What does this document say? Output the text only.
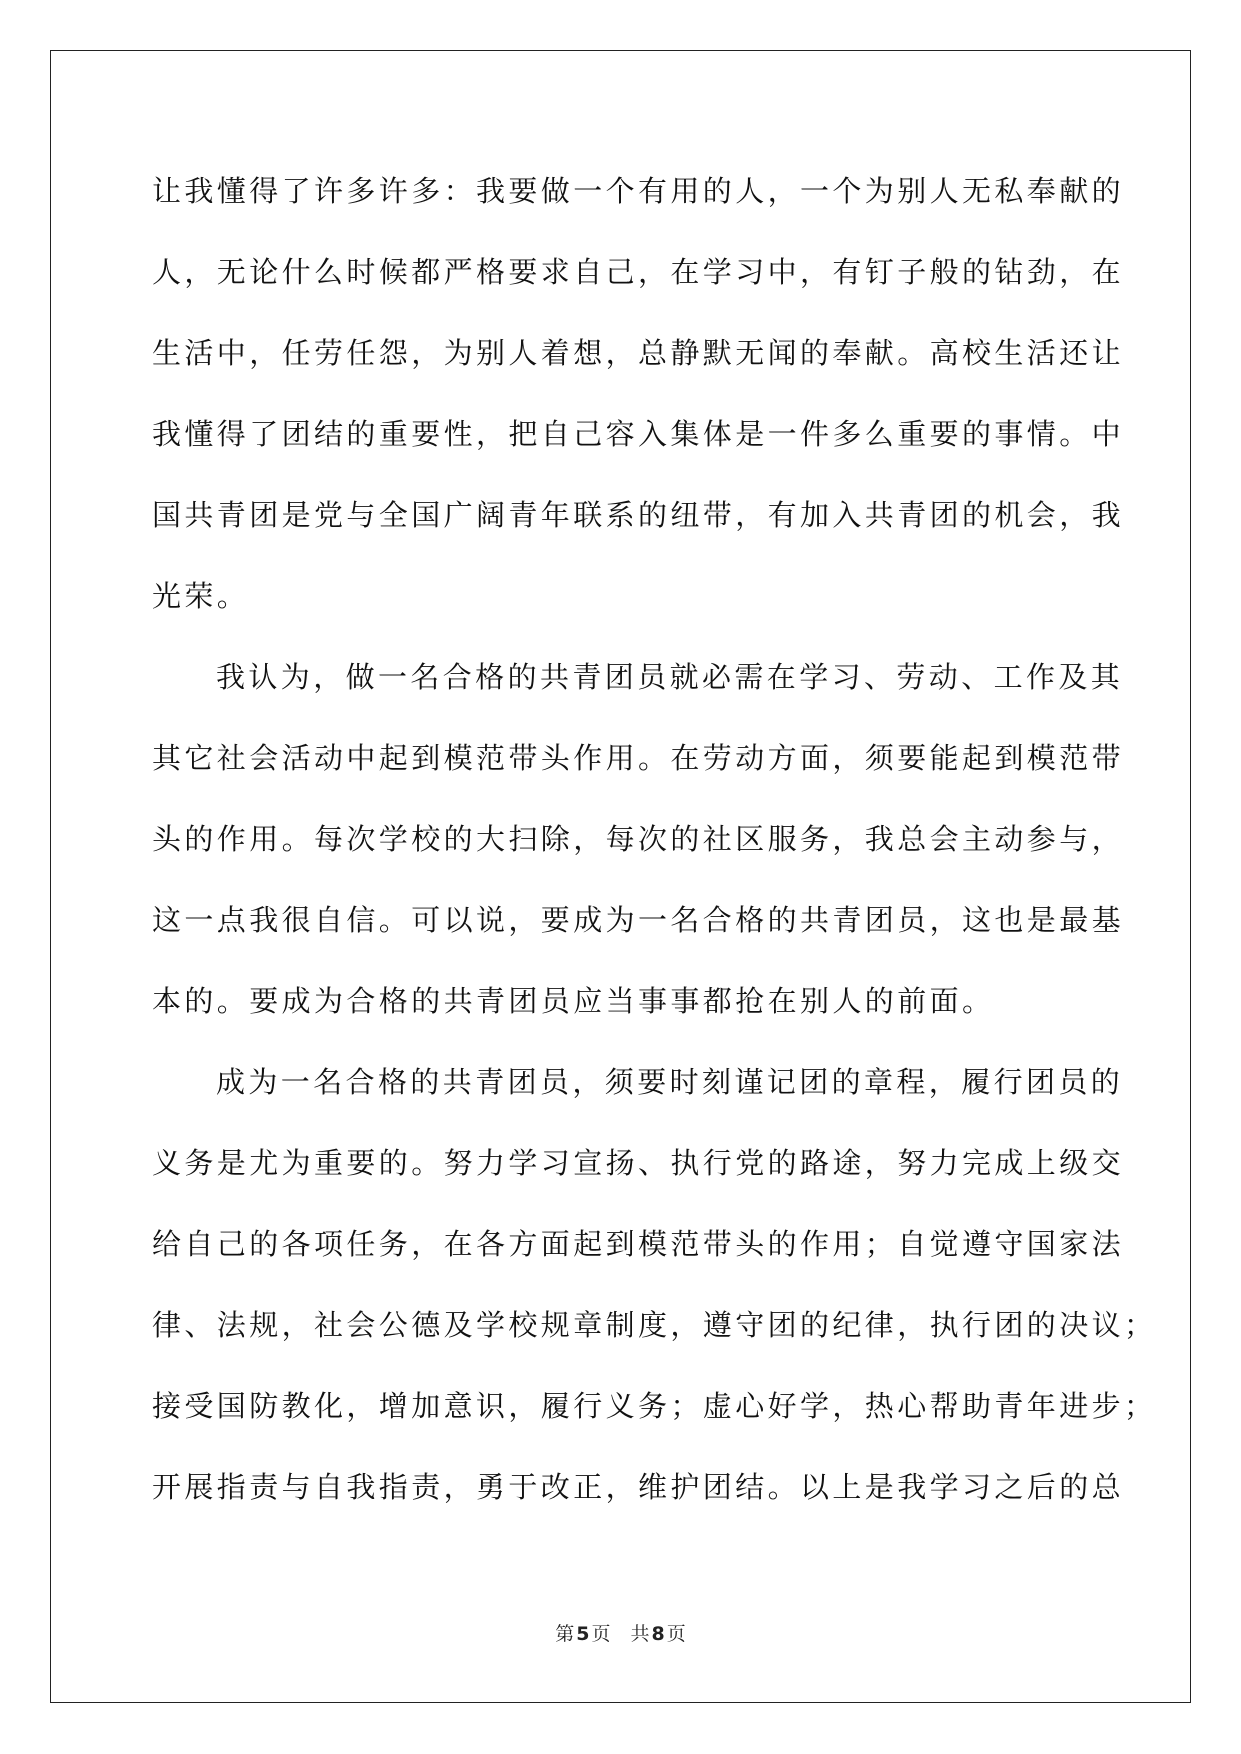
让我懂得了许多许多：我要做一个有用的人，一个为别人无私奉献的
人，无论什么时候都严格要求自己，在学习中，有钉子般的钻劲，在
生活中，任劳任怨，为别人着想，总静默无闻的奉献。高校生活还让
我懂得了团结的重要性，把自己容入集体是一件多么重要的事情。中
国共青团是党与全国广阔青年联系的纽带，有加入共青团的机会，我
光荣。
我认为，做一名合格的共青团员就必需在学习、劳动、工作及其
其它社会活动中起到模范带头作用。在劳动方面，须要能起到模范带
头的作用。每次学校的大扫除，每次的社区服务，我总会主动参与，
这一点我很自信。可以说，要成为一名合格的共青团员，这也是最基
本的。要成为合格的共青团员应当事事都抢在别人的前面。
成为一名合格的共青团员，须要时刻谨记团的章程，履行团员的
义务是尤为重要的。努力学习宣扬、执行党的路途，努力完成上级交
给自己的各项任务，在各方面起到模范带头的作用；自觉遵守国家法
律、法规，社会公德及学校规章制度，遵守团的纪律，执行团的决议；
接受国防教化，增加意识，履行义务；虚心好学，热心帮助青年进步；
开展指责与自我指责，勇于改正，维护团结。以上是我学习之后的总
第 5 页 共 8 页
